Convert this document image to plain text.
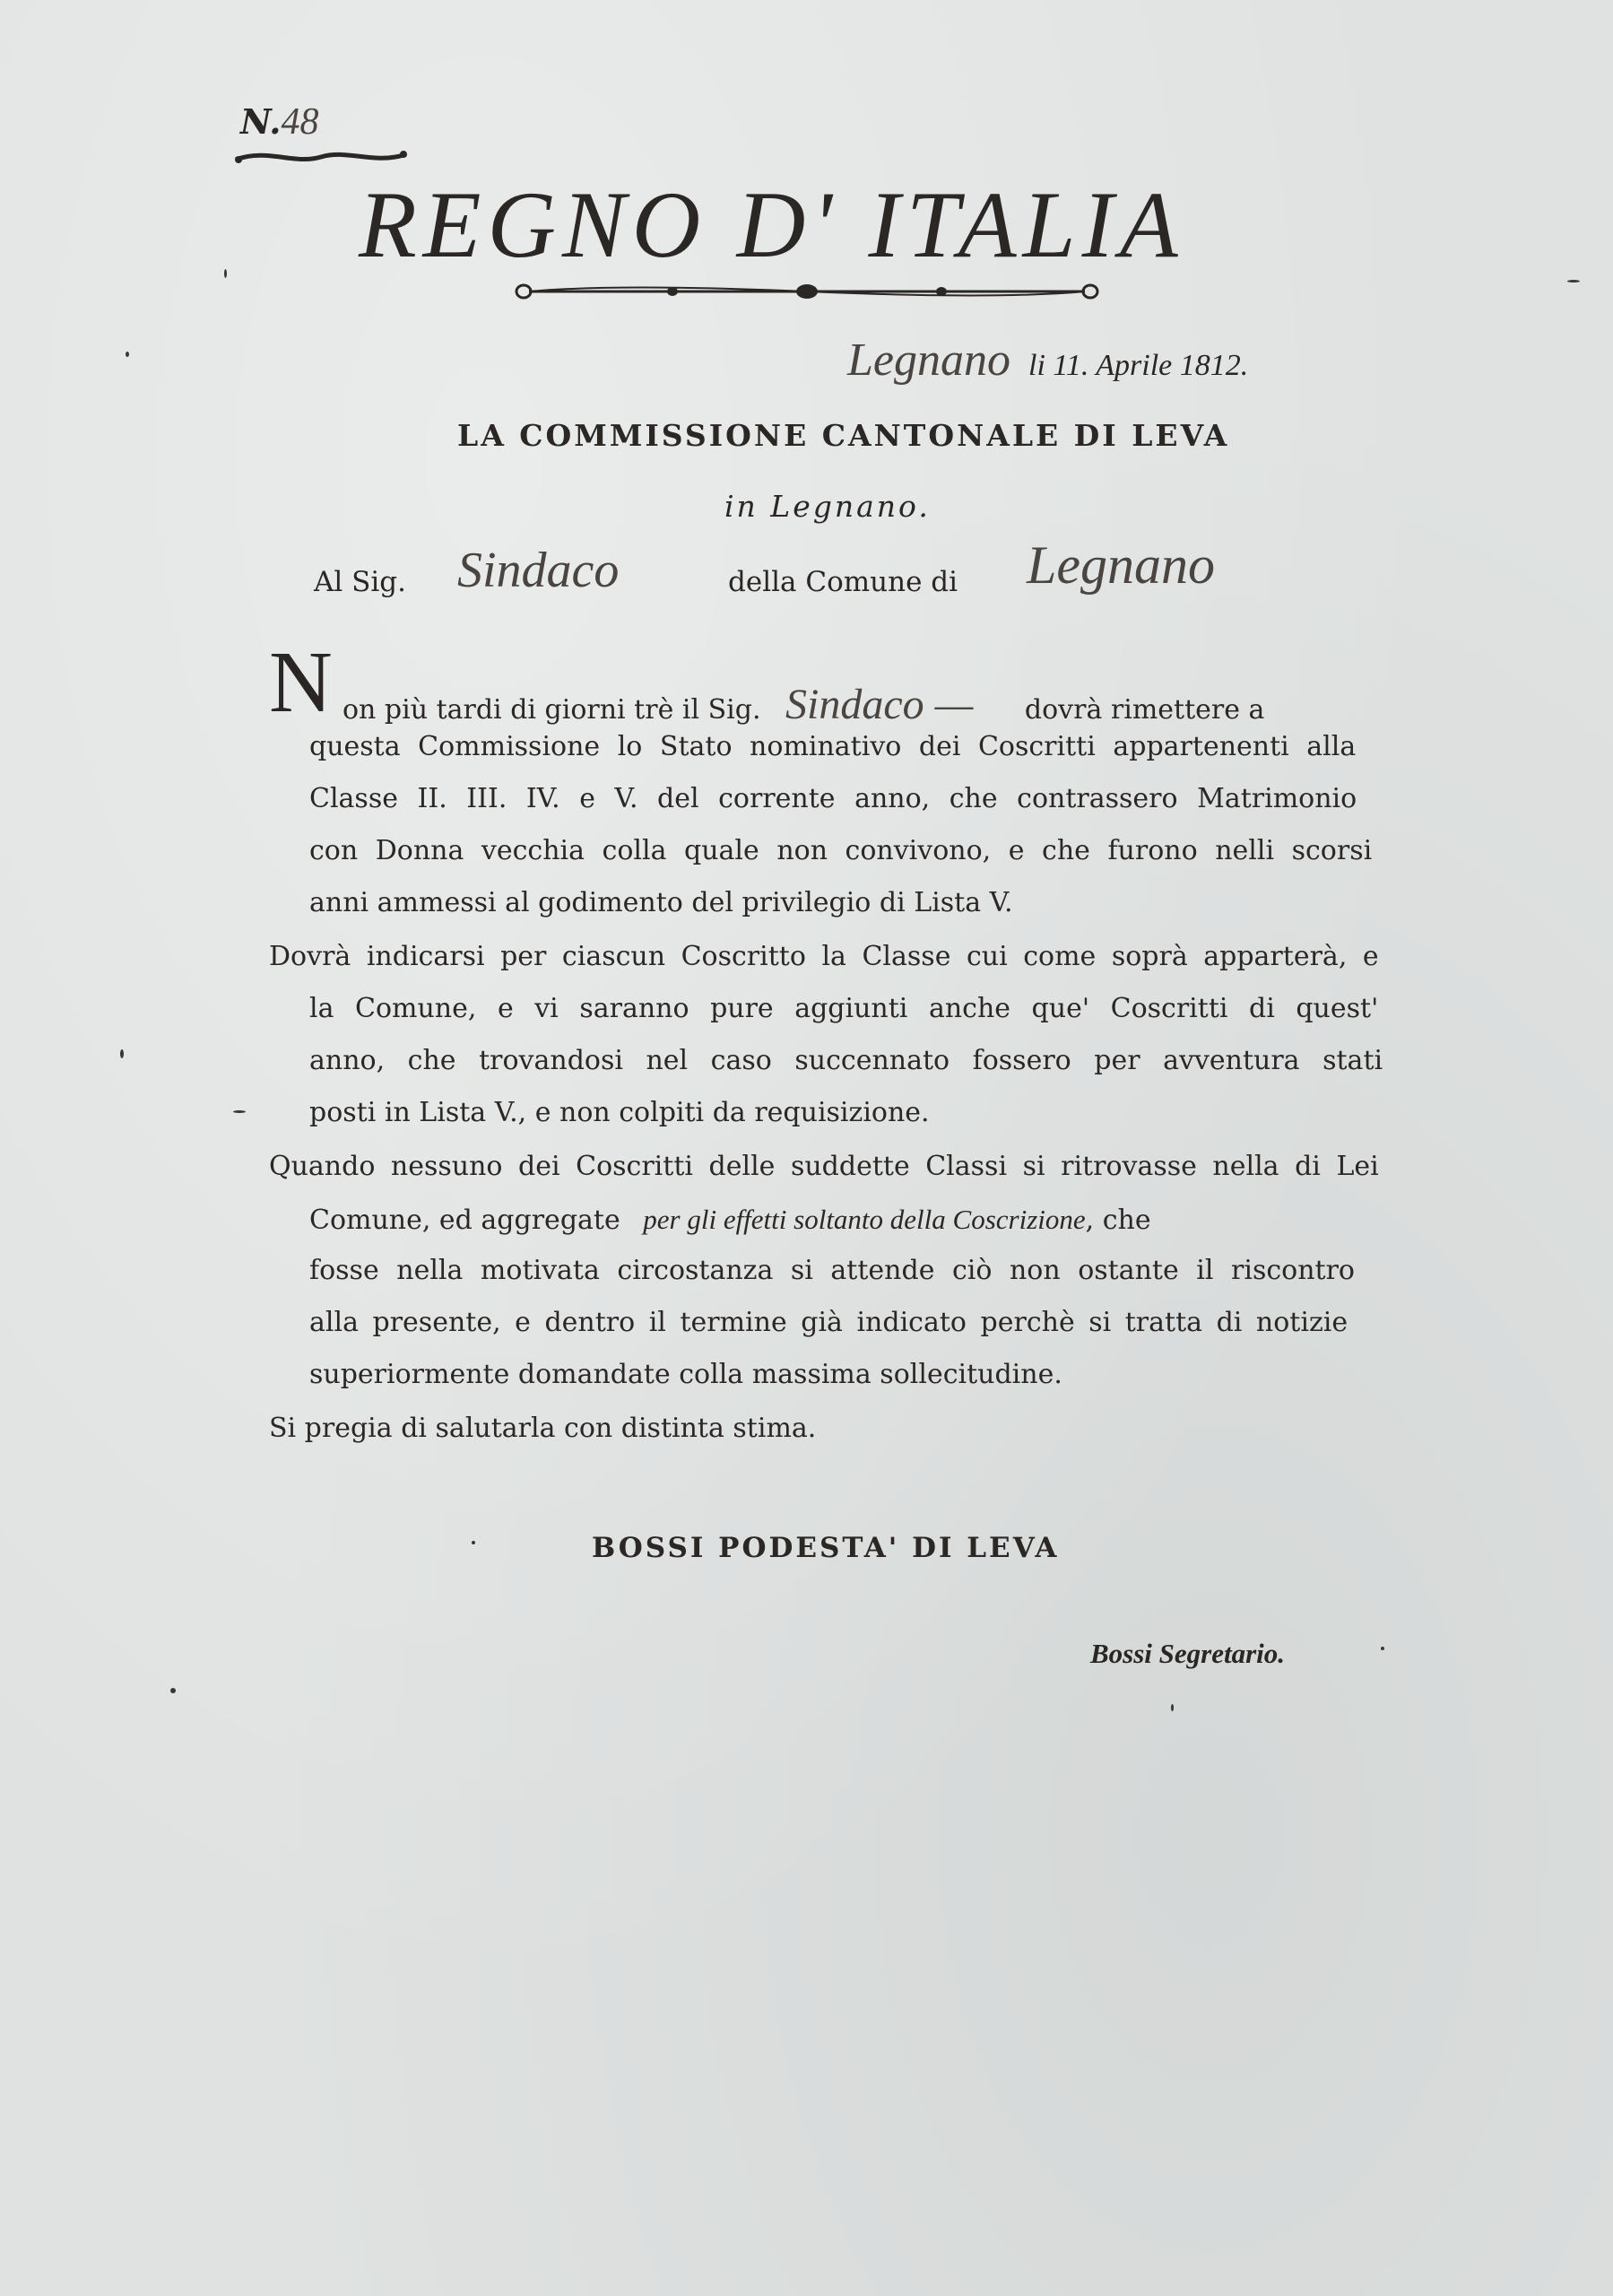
N.48
REGNO D' ITALIA
Legnano li 11. Aprile 1812.
LA COMMISSIONE CANTONALE DI LEVA
in Legnano.
Al Sig. Sindaco	della Comune di Legnano
N on più tardi di giorni trè il Sig. Sindaco — dovrà rimettere a
questa Commissione lo Stato nominativo dei Coscritti appartenenti alla
Classe II. III. IV. e V. del corrente anno, che contrassero Matrimonio
con Donna vecchia colla quale non convivono, e che furono nelli scorsi
anni ammessi al godimento del privilegio di Lista V.
Dovrà indicarsi per ciascun Coscritto la Classe cui come soprà apparterà, e
la Comune, e vi saranno pure aggiunti anche que' Coscritti di quest'
anno, che trovandosi nel caso succennato fossero per avventura stati
posti in Lista V., e non colpiti da requisizione.
Quando nessuno dei Coscritti delle suddette Classi si ritrovasse nella di Lei
Comune, ed aggregate per gli effetti soltanto della Coscrizione, che
fosse nella motivata circostanza si attende ciò non ostante il riscontro
alla presente, e dentro il termine già indicato perchè si tratta di notizie
superiormente domandate colla massima sollecitudine.
Si pregia di salutarla con distinta stima.
BOSSI PODESTA' DI LEVA
Bossi Segretario.
